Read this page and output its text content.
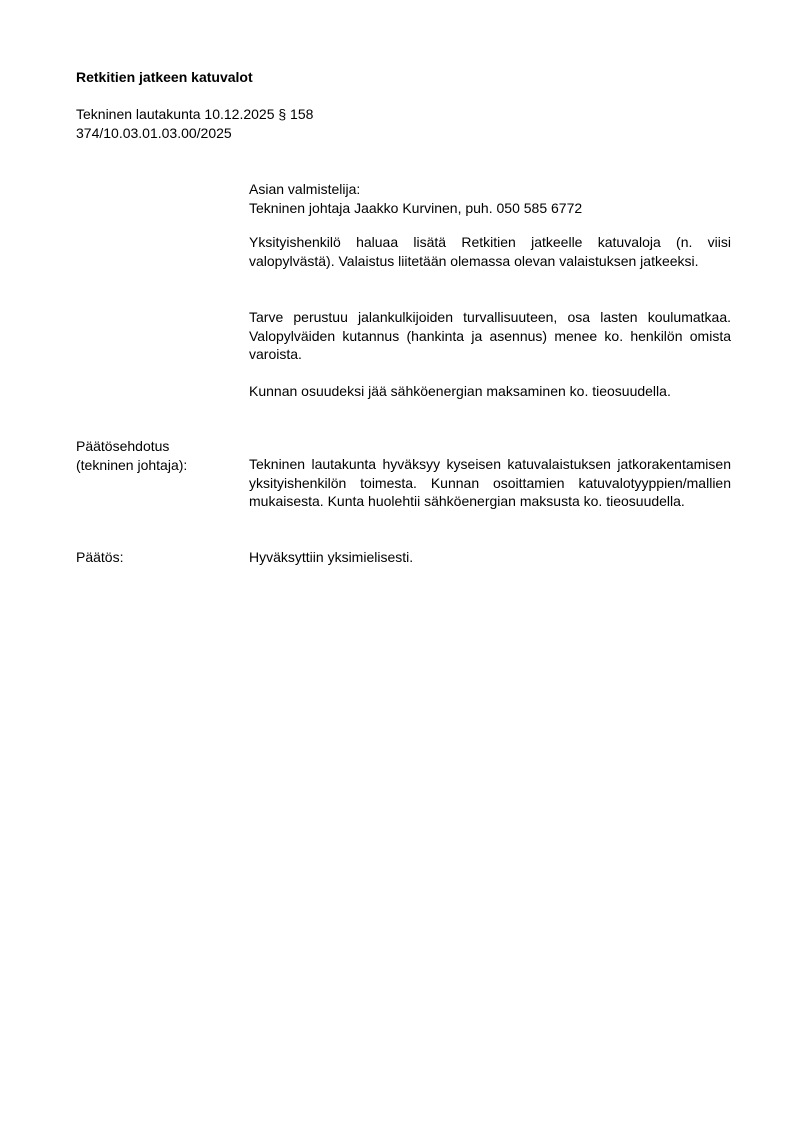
Retkitien jatkeen katuvalot
Tekninen lautakunta 10.12.2025 § 158
374/10.03.01.03.00/2025
Asian valmistelija:
Tekninen johtaja Jaakko Kurvinen, puh. 050 585 6772

Yksityishenkilö haluaa lisätä Retkitien jatkeelle katuvaloja (n. viisi valopylvästä). Valaistus liitetään olemassa olevan valaistuksen jatkeeksi.

Tarve perustuu jalankulkijoiden turvallisuuteen, osa lasten koulumatkaa. Valopylväiden kutannus (hankinta ja asennus) menee ko. henkilön omista varoista.

Kunnan osuudeksi jää sähköenergian maksaminen ko. tieosuudella.

Päätösehdotus
(tekninen johtaja):	Tekninen lautakunta hyväksyy kyseisen katuvalaistuksen jatkorakentamisen yksityishenkilön toimesta. Kunnan osoittamien katuvalotyyppien/mallien mukaisesta. Kunta huolehtii sähköenergian maksusta ko. tieosuudella.

Päätös:	Hyväksyttiin yksimielisesti.
